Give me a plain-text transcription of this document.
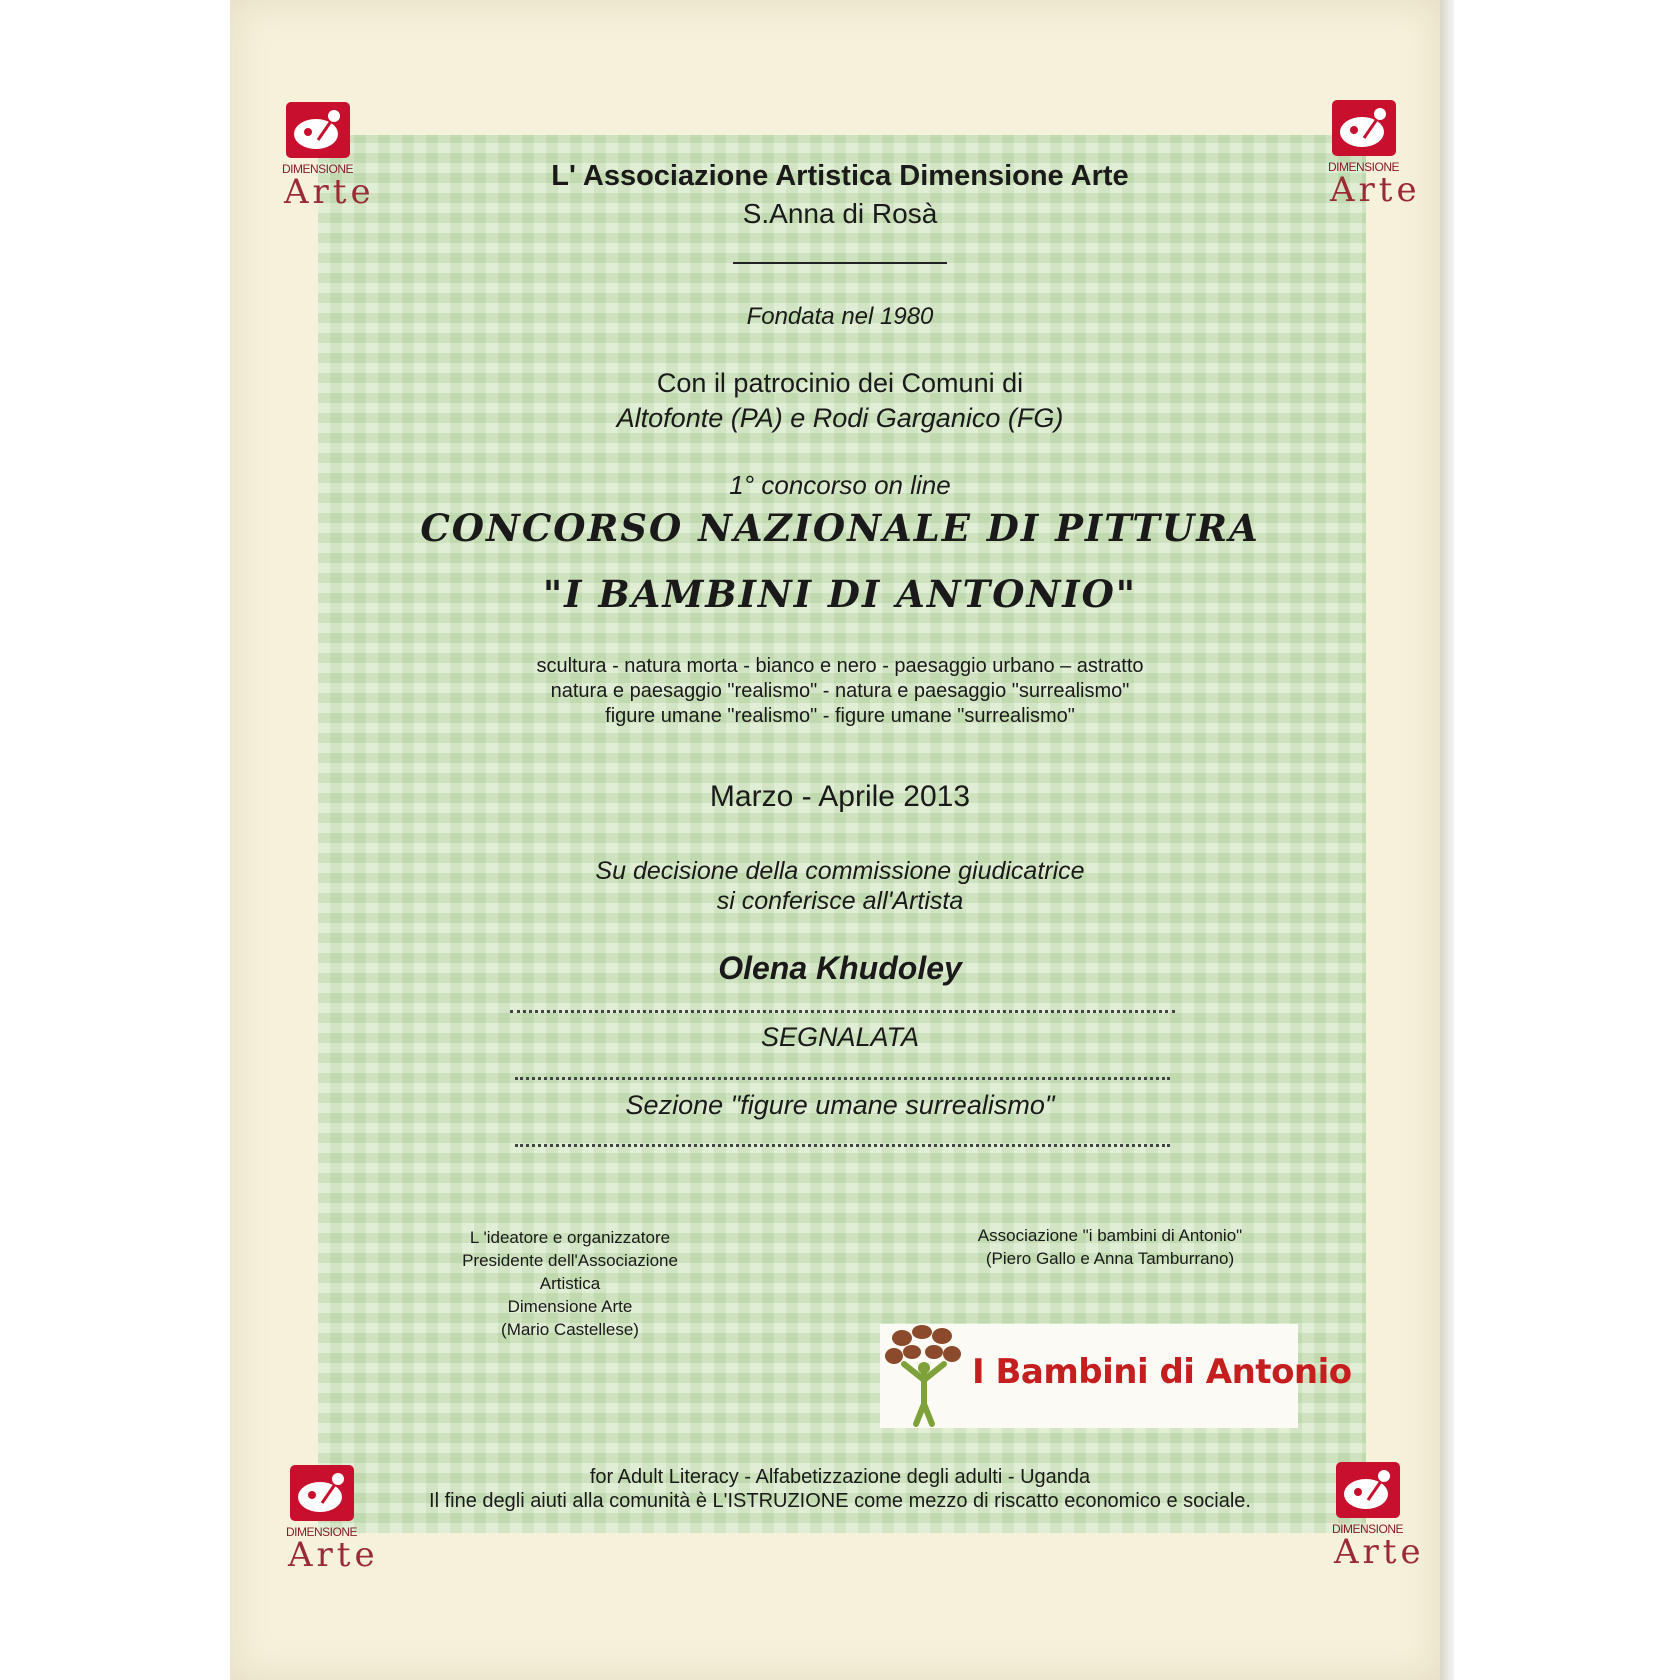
DIMENSIONE
Arte
DIMENSIONE
Arte
DIMENSIONE
Arte
DIMENSIONE
Arte
L' Associazione Artistica Dimensione Arte
S.Anna di Rosà
Fondata nel 1980
Con il patrocinio dei Comuni di
Altofonte (PA) e Rodi Garganico (FG)
1° concorso on line
CONCORSO NAZIONALE DI PITTURA
"I BAMBINI DI ANTONIO"
scultura - natura morta - bianco e nero - paesaggio urbano – astratto
natura e paesaggio "realismo" - natura e paesaggio "surrealismo"
figure umane "realismo" - figure umane "surrealismo"
Marzo - Aprile 2013
Su decisione della commissione giudicatrice
si conferisce all'Artista
Olena Khudoley
SEGNALATA
Sezione "figure umane surrealismo"
L 'ideatore e organizzatore
Presidente dell'Associazione
Artistica
Dimensione Arte
(Mario Castellese)
Associazione "i bambini di Antonio"
(Piero Gallo e Anna Tamburrano)
I Bambini di Antonio
for Adult Literacy - Alfabetizzazione degli adulti - Uganda
Il fine degli aiuti alla comunità è L'ISTRUZIONE come mezzo di riscatto economico e sociale.
